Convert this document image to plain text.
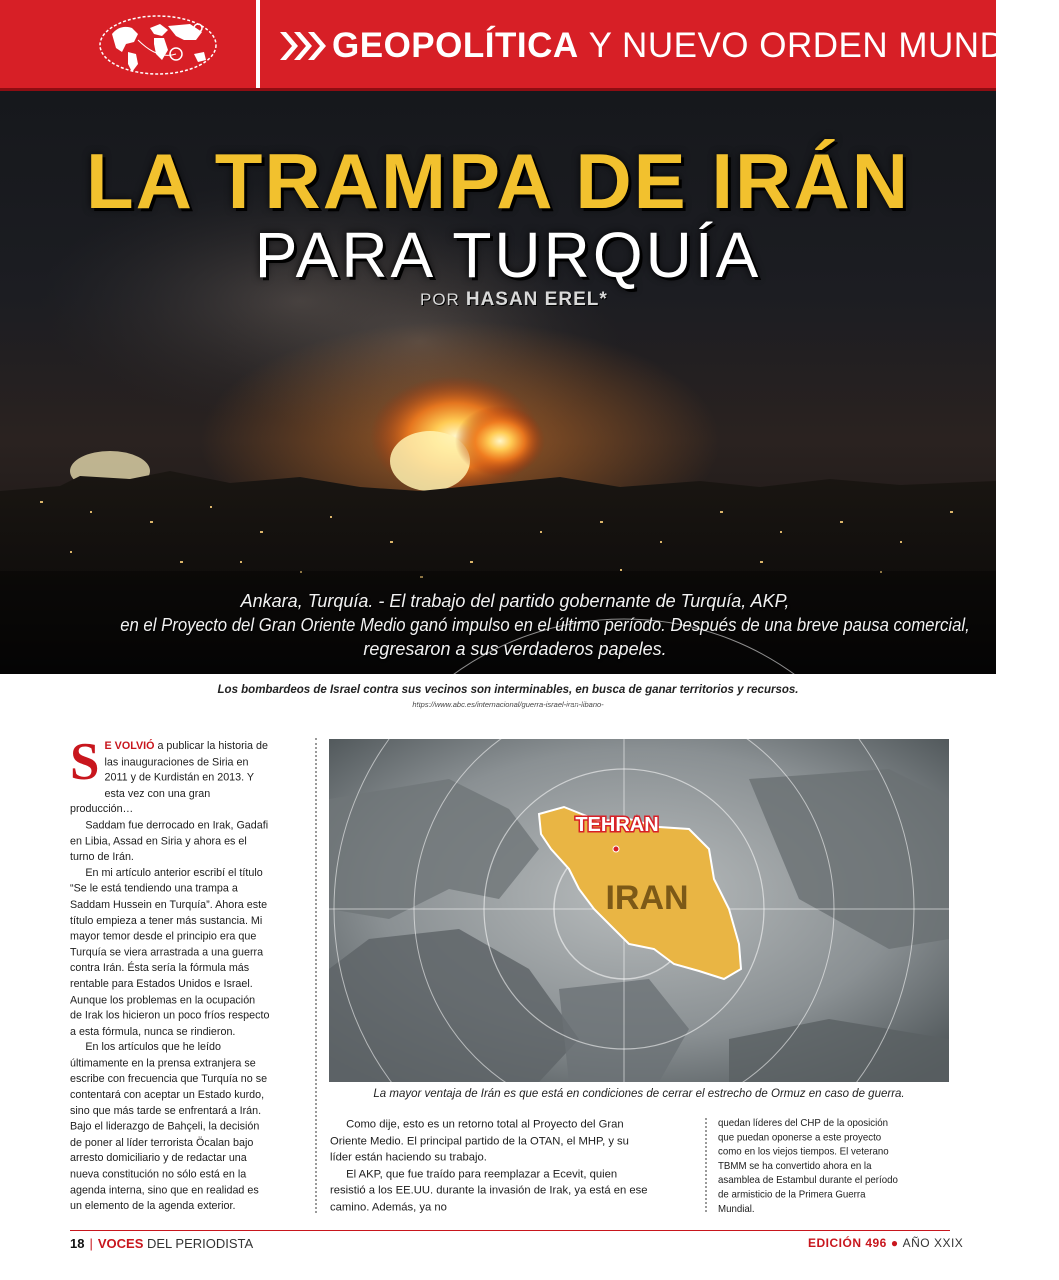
GEOPOLÍTICA Y NUEVO ORDEN MUNDIAL
LA TRAMPA DE IRÁN
PARA TURQUÍA
POR HASAN EREL*
Ankara, Turquía. - El trabajo del partido gobernante de Turquía, AKP,
en el Proyecto del Gran Oriente Medio ganó impulso en el último período. Después de una breve pausa comercial,
regresaron a sus verdaderos papeles.
Los bombardeos de Israel contra sus vecinos son interminables, en busca de ganar territorios y recursos.
https://www.abc.es/internacional/guerra-israel-iran-libano-

S E VOLVIÓ a publicar la historia de las inauguraciones de Siria en 2011 y de Kurdistán en 2013. Y esta vez con una gran producción…

Saddam fue derrocado en Irak, Gadafi en Libia, Assad en Siria y ahora es el turno de Irán.

En mi artículo anterior escribí el título “Se le está tendiendo una trampa a Saddam Hussein en Turquía”. Ahora este título empieza a tener más sustancia. Mi mayor temor desde el principio era que Turquía se viera arrastrada a una guerra contra Irán. Ésta sería la fórmula más rentable para Estados Unidos e Israel. Aunque los problemas en la ocupación de Irak los hicieron un poco fríos respecto a esta fórmula, nunca se rindieron.

En los artículos que he leído últimamente en la prensa extranjera se escribe con frecuencia que Turquía no se contentará con aceptar un Estado kurdo, sino que más tarde se enfrentará a Irán. Bajo el liderazgo de Bahçeli, la decisión de poner al líder terrorista Öcalan bajo arresto domiciliario y de redactar una nueva constitución no sólo está en la agenda interna, sino que en realidad es un elemento de la agenda exterior.

TEHRAN
IRAN
La mayor ventaja de Irán es que está en condiciones de cerrar el estrecho de Ormuz en caso de guerra.

Como dije, esto es un retorno total al Proyecto del Gran Oriente Medio. El principal partido de la OTAN, el MHP, y su líder están haciendo su trabajo.

El AKP, que fue traído para reemplazar a Ecevit, quien resistió a los EE.UU. durante la invasión de Irak, ya está en ese camino. Además, ya no

quedan líderes del CHP de la oposición que puedan oponerse a este proyecto como en los viejos tiempos. El veterano TBMM se ha convertido ahora en la asamblea de Estambul durante el período de armisticio de la Primera Guerra Mundial.

18 | VOCES DEL PERIODISTA	EDICIÓN 496 ● AÑO XXIX
